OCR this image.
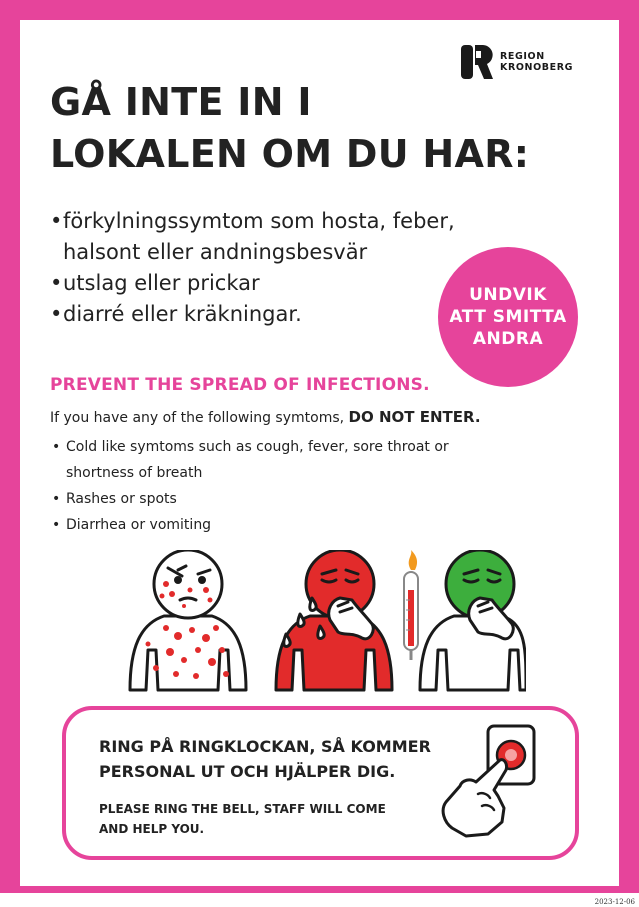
REGION
KRONOBERG
GÅ INTE IN I
LOKALEN OM DU HAR:
• förkylningssymtom som hosta, feber, halsont eller andningsbesvär
• utslag eller prickar
• diarré eller kräkningar.
UNDVIK
ATT SMITTA
ANDRA
PREVENT THE SPREAD OF INFECTIONS.
If you have any of the following symtoms, DO NOT ENTER.
• Cold like symtoms such as cough, fever, sore throat or shortness of breath
• Rashes or spots
• Diarrhea or vomiting

RING PÅ RINGKLOCKAN, SÅ KOMMER
PERSONAL UT OCH HJÄLPER DIG.

PLEASE RING THE BELL, STAFF WILL COME
AND HELP YOU.

2023-12-06
